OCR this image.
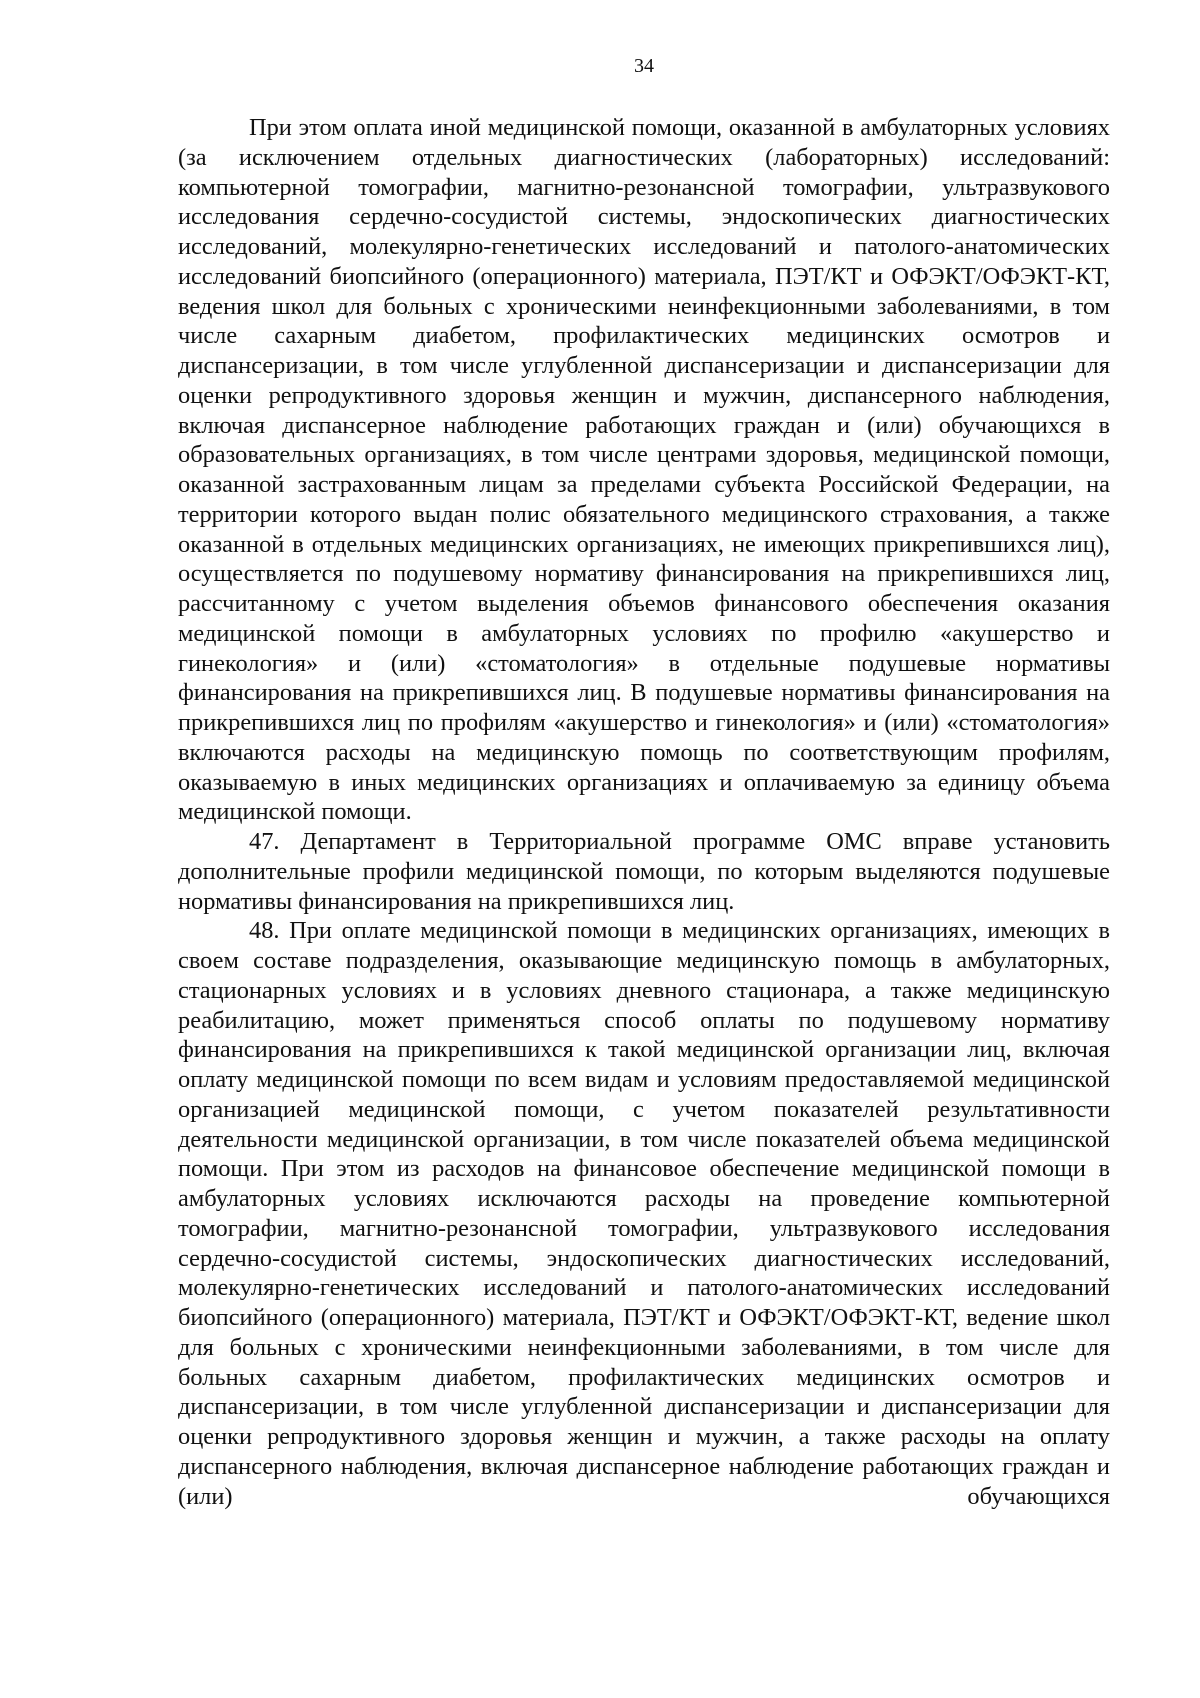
34

При этом оплата иной медицинской помощи, оказанной в амбулаторных условиях (за исключением отдельных диагностических (лабораторных) исследований: компьютерной томографии, магнитно-резонансной томографии, ультразвукового исследования сердечно-сосудистой системы, эндоскопических диагностических исследований, молекулярно-генетических исследований и патолого-анатомических исследований биопсийного (операционного) материала, ПЭТ/КТ и ОФЭКТ/ОФЭКТ-КТ, ведения школ для больных с хроническими неинфекционными заболеваниями, в том числе сахарным диабетом, профилактических медицинских осмотров и диспансеризации, в том числе углубленной диспансеризации и диспансеризации для оценки репродуктивного здоровья женщин и мужчин, диспансерного наблюдения, включая диспансерное наблюдение работающих граждан и (или) обучающихся в образовательных организациях, в том числе центрами здоровья, медицинской помощи, оказанной застрахованным лицам за пределами субъекта Российской Федерации, на территории которого выдан полис обязательного медицинского страхования, а также оказанной в отдельных медицинских организациях, не имеющих прикрепившихся лиц), осуществляется по подушевому нормативу финансирования на прикрепившихся лиц, рассчитанному с учетом выделения объемов финансового обеспечения оказания медицинской помощи в амбулаторных условиях по профилю «акушерство и гинекология» и (или) «стоматология» в отдельные подушевые нормативы финансирования на прикрепившихся лиц. В подушевые нормативы финансирования на прикрепившихся лиц по профилям «акушерство и гинекология» и (или) «стоматология» включаются расходы на медицинскую помощь по соответствующим профилям, оказываемую в иных медицинских организациях и оплачиваемую за единицу объема медицинской помощи.

47. Департамент в Территориальной программе ОМС вправе установить дополнительные профили медицинской помощи, по которым выделяются подушевые нормативы финансирования на прикрепившихся лиц.

48. При оплате медицинской помощи в медицинских организациях, имеющих в своем составе подразделения, оказывающие медицинскую помощь в амбулаторных, стационарных условиях и в условиях дневного стационара, а также медицинскую реабилитацию, может применяться способ оплаты по подушевому нормативу финансирования на прикрепившихся к такой медицинской организации лиц, включая оплату медицинской помощи по всем видам и условиям предоставляемой медицинской организацией медицинской помощи, с учетом показателей результативности деятельности медицинской организации, в том числе показателей объема медицинской помощи. При этом из расходов на финансовое обеспечение медицинской помощи в амбулаторных условиях исключаются расходы на проведение компьютерной томографии, магнитно-резонансной томографии, ультразвукового исследования сердечно-сосудистой системы, эндоскопических диагностических исследований, молекулярно-генетических исследований и патолого-анатомических исследований биопсийного (операционного) материала, ПЭТ/КТ и ОФЭКТ/ОФЭКТ-КТ, ведение школ для больных с хроническими неинфекционными заболеваниями, в том числе для больных сахарным диабетом, профилактических медицинских осмотров и диспансеризации, в том числе углубленной диспансеризации и диспансеризации для оценки репродуктивного здоровья женщин и мужчин, а также расходы на оплату диспансерного наблюдения, включая диспансерное наблюдение работающих граждан и (или) обучающихся
